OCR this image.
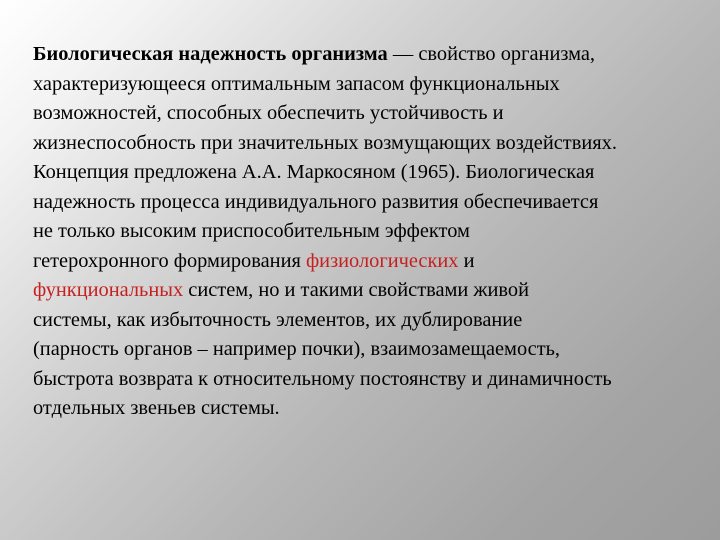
Биологическая надежность организма — свойство организма,
характеризующееся оптимальным запасом функциональных
возможностей, способных обеспечить устойчивость и
жизнеспособность при значительных возмущающих воздействиях.
Концепция предложена А.А. Маркосяном (1965). Биологическая
надежность процесса индивидуального развития обеспечивается
не только высоким приспособительным эффектом
гетерохронного формирования физиологических и
функциональных систем, но и такими свойствами живой
системы, как избыточность элементов, их дублирование
(парность органов – например почки), взаимозамещаемость,
быстрота возврата к относительному постоянству и динамичность
отдельных звеньев системы.
